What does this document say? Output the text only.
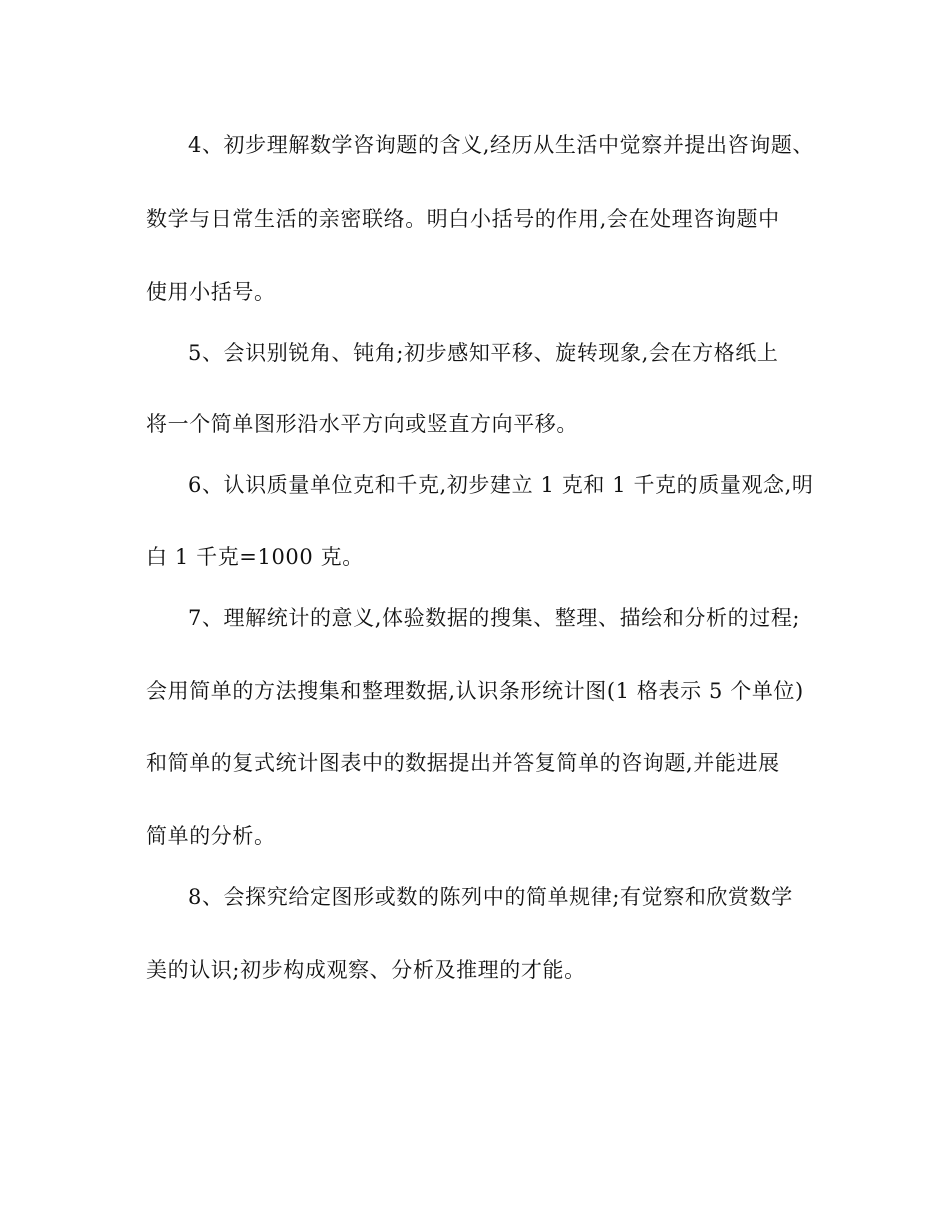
4、初步理解数学咨询题的含义,经历从生活中觉察并提出咨询题、
数学与日常生活的亲密联络。明白小括号的作用,会在处理咨询题中
使用小括号。
5、会识别锐角、钝角;初步感知平移、旋转现象,会在方格纸上
将一个简单图形沿水平方向或竖直方向平移。
6、认识质量单位克和千克,初步建立 1 克和 1 千克的质量观念,明
白 1 千克=1000 克。
7、理解统计的意义,体验数据的搜集、整理、描绘和分析的过程;
会用简单的方法搜集和整理数据,认识条形统计图(1 格表示 5 个单位)
和简单的复式统计图表中的数据提出并答复简单的咨询题,并能进展
简单的分析。
8、会探究给定图形或数的陈列中的简单规律;有觉察和欣赏数学
美的认识;初步构成观察、分析及推理的才能。
